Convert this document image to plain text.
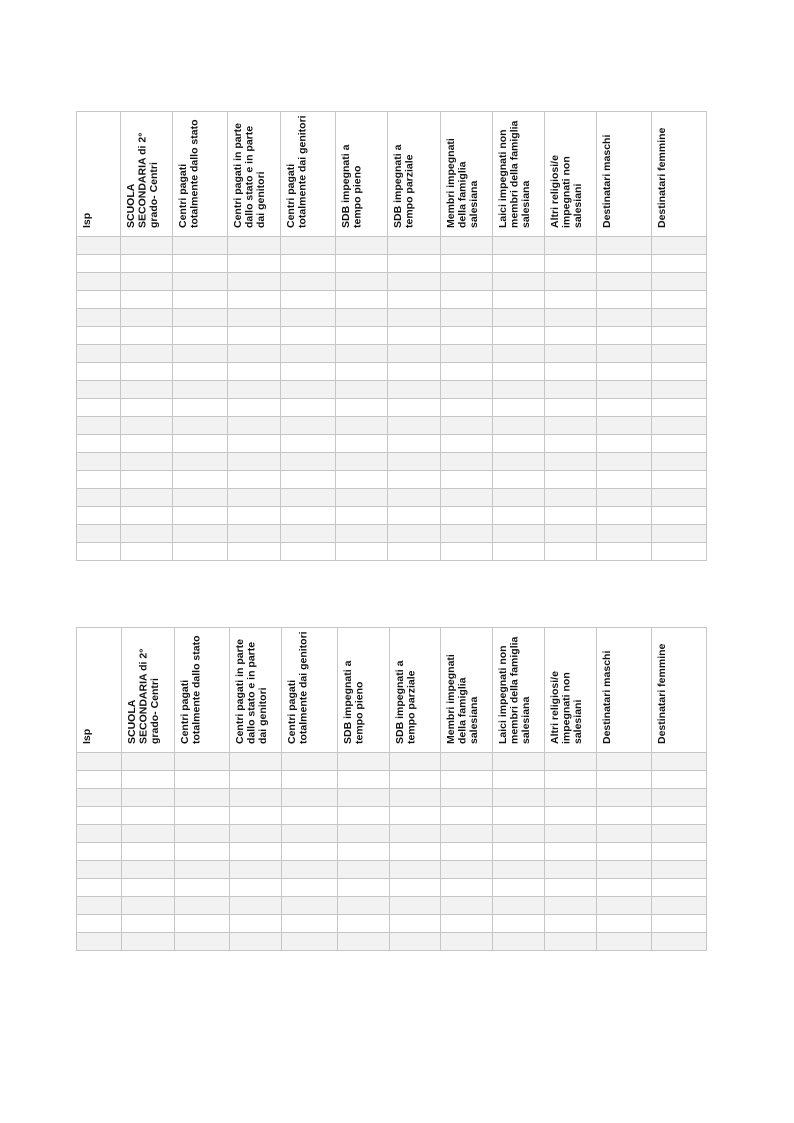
Isp	SCUOLA SECONDARIA di 2° grado- Centri	Centri pagati totalmente dallo stato	Centri pagati in parte dallo stato e in parte dai genitori	Centri pagati totalmente dai genitori	SDB impegnati a tempo pieno	SDB impegnati a tempo parziale	Membri impegnati della famiglia salesiana	Laici impegnati non membri della famiglia salesiana	Altri religiosi/e impegnati non salesiani	Destinatari maschi	Destinatari femmine

Isp	SCUOLA SECONDARIA di 2° grado- Centri	Centri pagati totalmente dallo stato	Centri pagati in parte dallo stato e in parte dai genitori	Centri pagati totalmente dai genitori	SDB impegnati a tempo pieno	SDB impegnati a tempo parziale	Membri impegnati della famiglia salesiana	Laici impegnati non membri della famiglia salesiana	Altri religiosi/e impegnati non salesiani	Destinatari maschi	Destinatari femmine
